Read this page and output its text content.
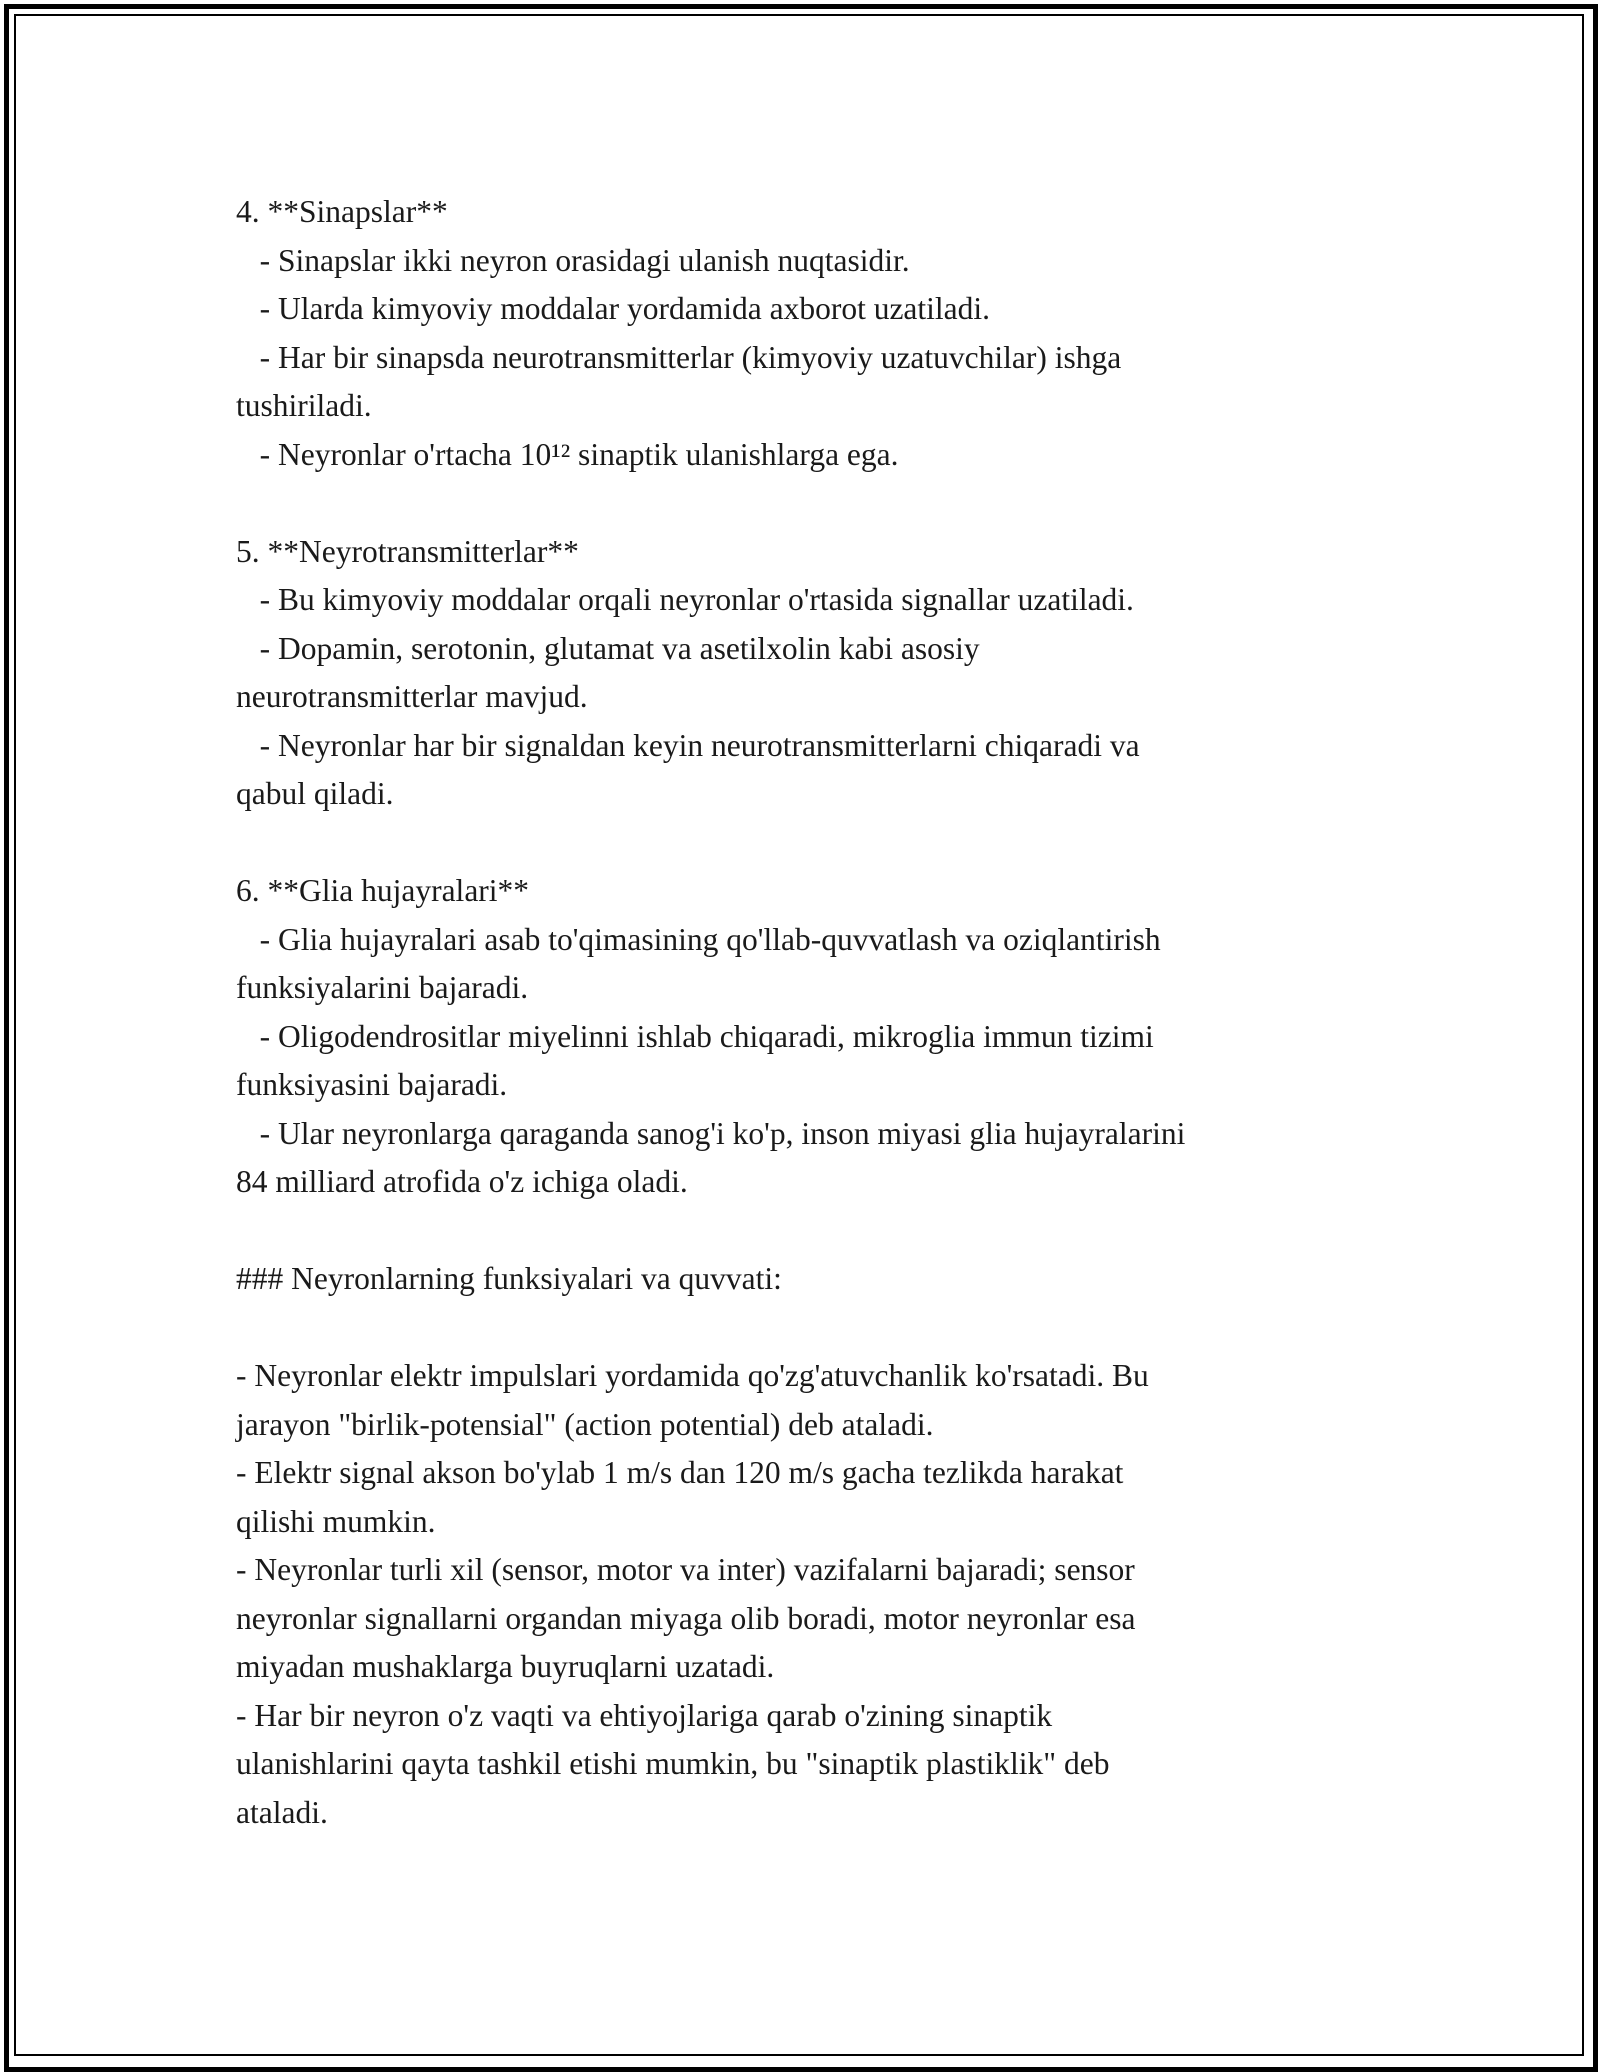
4. **Sinapslar**
- Sinapslar ikki neyron orasidagi ulanish nuqtasidir.
- Ularda kimyoviy moddalar yordamida axborot uzatiladi.
- Har bir sinapsda neurotransmitterlar (kimyoviy uzatuvchilar) ishga
tushiriladi.
- Neyronlar o'rtacha 10¹² sinaptik ulanishlarga ega.
5. **Neyrotransmitterlar**
- Bu kimyoviy moddalar orqali neyronlar o'rtasida signallar uzatiladi.
- Dopamin, serotonin, glutamat va asetilxolin kabi asosiy
neurotransmitterlar mavjud.
- Neyronlar har bir signaldan keyin neurotransmitterlarni chiqaradi va
qabul qiladi.
6. **Glia hujayralari**
- Glia hujayralari asab to'qimasining qo'llab-quvvatlash va oziqlantirish
funksiyalarini bajaradi.
- Oligodendrositlar miyelinni ishlab chiqaradi, mikroglia immun tizimi
funksiyasini bajaradi.
- Ular neyronlarga qaraganda sanog'i ko'p, inson miyasi glia hujayralarini
84 milliard atrofida o'z ichiga oladi.
### Neyronlarning funksiyalari va quvvati:
- Neyronlar elektr impulslari yordamida qo'zg'atuvchanlik ko'rsatadi. Bu
jarayon "birlik-potensial" (action potential) deb ataladi.
- Elektr signal akson bo'ylab 1 m/s dan 120 m/s gacha tezlikda harakat
qilishi mumkin.
- Neyronlar turli xil (sensor, motor va inter) vazifalarni bajaradi; sensor
neyronlar signallarni organdan miyaga olib boradi, motor neyronlar esa
miyadan mushaklarga buyruqlarni uzatadi.
- Har bir neyron o'z vaqti va ehtiyojlariga qarab o'zining sinaptik
ulanishlarini qayta tashkil etishi mumkin, bu "sinaptik plastiklik" deb
ataladi.
